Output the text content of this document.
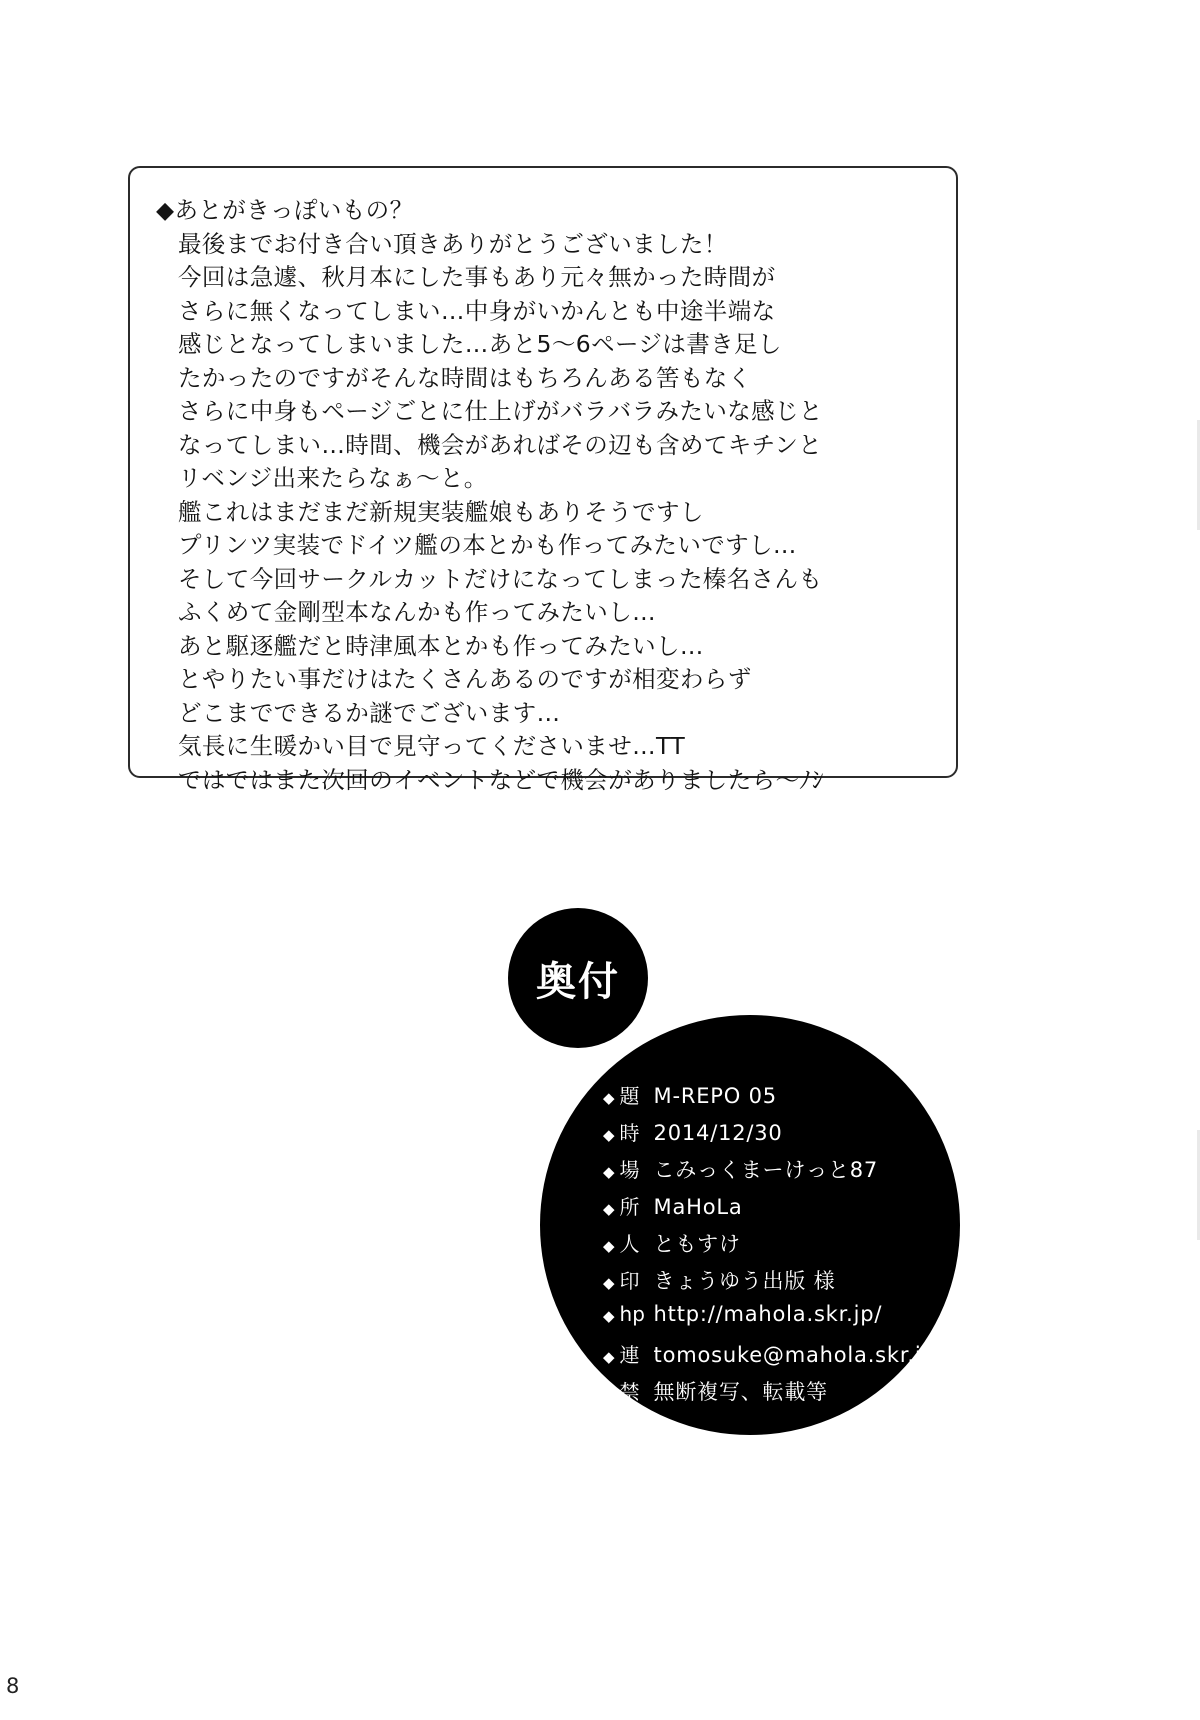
◆あとがきっぽいもの？
最後までお付き合い頂きありがとうございました！
今回は急遽、秋月本にした事もあり元々無かった時間が
さらに無くなってしまい…中身がいかんとも中途半端な
感じとなってしまいました…あと5〜6ページは書き足し
たかったのですがそんな時間はもちろんある筈もなく
さらに中身もページごとに仕上げがバラバラみたいな感じと
なってしまい…時間、機会があればその辺も含めてキチンと
リベンジ出来たらなぁ〜と。
艦これはまだまだ新規実装艦娘もありそうですし
プリンツ実装でドイツ艦の本とかも作ってみたいですし…
そして今回サークルカットだけになってしまった榛名さんも
ふくめて金剛型本なんかも作ってみたいし…
あと駆逐艦だと時津風本とかも作ってみたいし…
とやりたい事だけはたくさんあるのですが相変わらず
どこまでできるか謎でございます…
気長に生暖かい目で見守ってくださいませ…TT
ではではまた次回のイベントなどで機会がありましたら〜ﾉｼ
奥付
◆ 題 M-REPO 05
◆ 時 2014/12/30
◆ 場 こみっくまーけっと87
◆ 所 MaHoLa
◆ 人 ともすけ
◆ 印 きょうゆう出版 様
◆ hp http://mahola.skr.jp/
◆ 連 tomosuke@mahola.skr.jp
◆ 禁 無断複写、転載等
8
